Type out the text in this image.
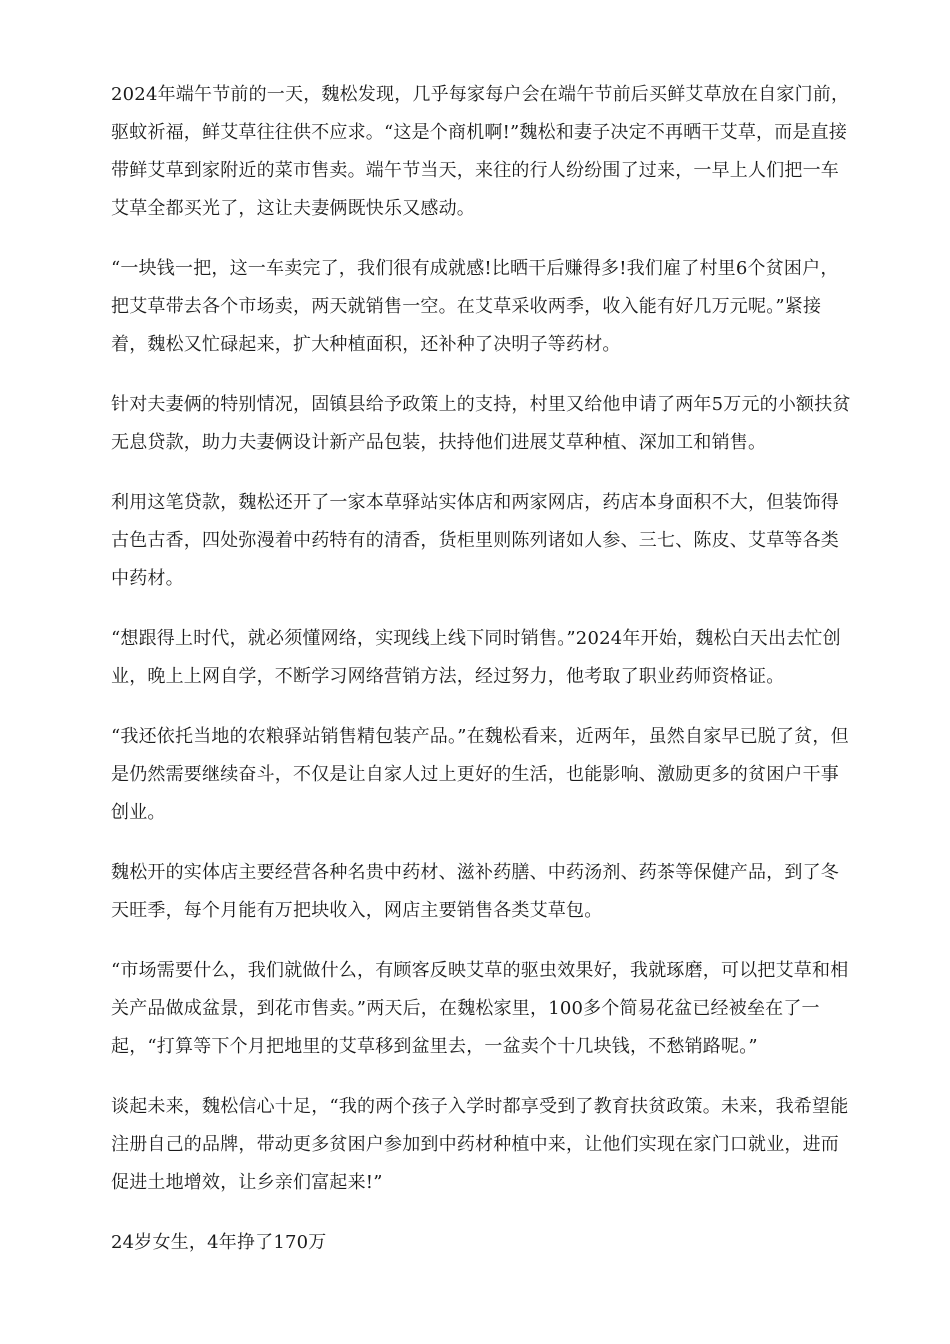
2024年端午节前的一天，魏松发现，几乎每家每户会在端午节前后买鲜艾草放在自家门前，驱蚊祈福，鲜艾草往往供不应求。“这是个商机啊!”魏松和妻子决定不再晒干艾草，而是直接带鲜艾草到家附近的菜市售卖。端午节当天，来往的行人纷纷围了过来，一早上人们把一车艾草全都买光了，这让夫妻俩既快乐又感动。

“一块钱一把，这一车卖完了，我们很有成就感!比晒干后赚得多!我们雇了村里6个贫困户，把艾草带去各个市场卖，两天就销售一空。在艾草采收两季，收入能有好几万元呢。”紧接着，魏松又忙碌起来，扩大种植面积，还补种了决明子等药材。

针对夫妻俩的特别情况，固镇县给予政策上的支持，村里又给他申请了两年5万元的小额扶贫无息贷款，助力夫妻俩设计新产品包装，扶持他们进展艾草种植、深加工和销售。

利用这笔贷款，魏松还开了一家本草驿站实体店和两家网店，药店本身面积不大，但装饰得古色古香，四处弥漫着中药特有的清香，货柜里则陈列诸如人参、三七、陈皮、艾草等各类中药材。

“想跟得上时代，就必须懂网络，实现线上线下同时销售。”2024年开始，魏松白天出去忙创业，晚上上网自学，不断学习网络营销方法，经过努力，他考取了职业药师资格证。

“我还依托当地的农粮驿站销售精包装产品。”在魏松看来，近两年，虽然自家早已脱了贫，但是仍然需要继续奋斗，不仅是让自家人过上更好的生活，也能影响、激励更多的贫困户干事创业。

魏松开的实体店主要经营各种名贵中药材、滋补药膳、中药汤剂、药茶等保健产品，到了冬天旺季，每个月能有万把块收入，网店主要销售各类艾草包。

“市场需要什么，我们就做什么，有顾客反映艾草的驱虫效果好，我就琢磨，可以把艾草和相关产品做成盆景，到花市售卖。”两天后，在魏松家里，100多个简易花盆已经被垒在了一起，“打算等下个月把地里的艾草移到盆里去，一盆卖个十几块钱，不愁销路呢。”

谈起未来，魏松信心十足，“我的两个孩子入学时都享受到了教育扶贫政策。未来，我希望能注册自己的品牌，带动更多贫困户参加到中药材种植中来，让他们实现在家门口就业，进而促进土地增效，让乡亲们富起来!”

24岁女生，4年挣了170万
